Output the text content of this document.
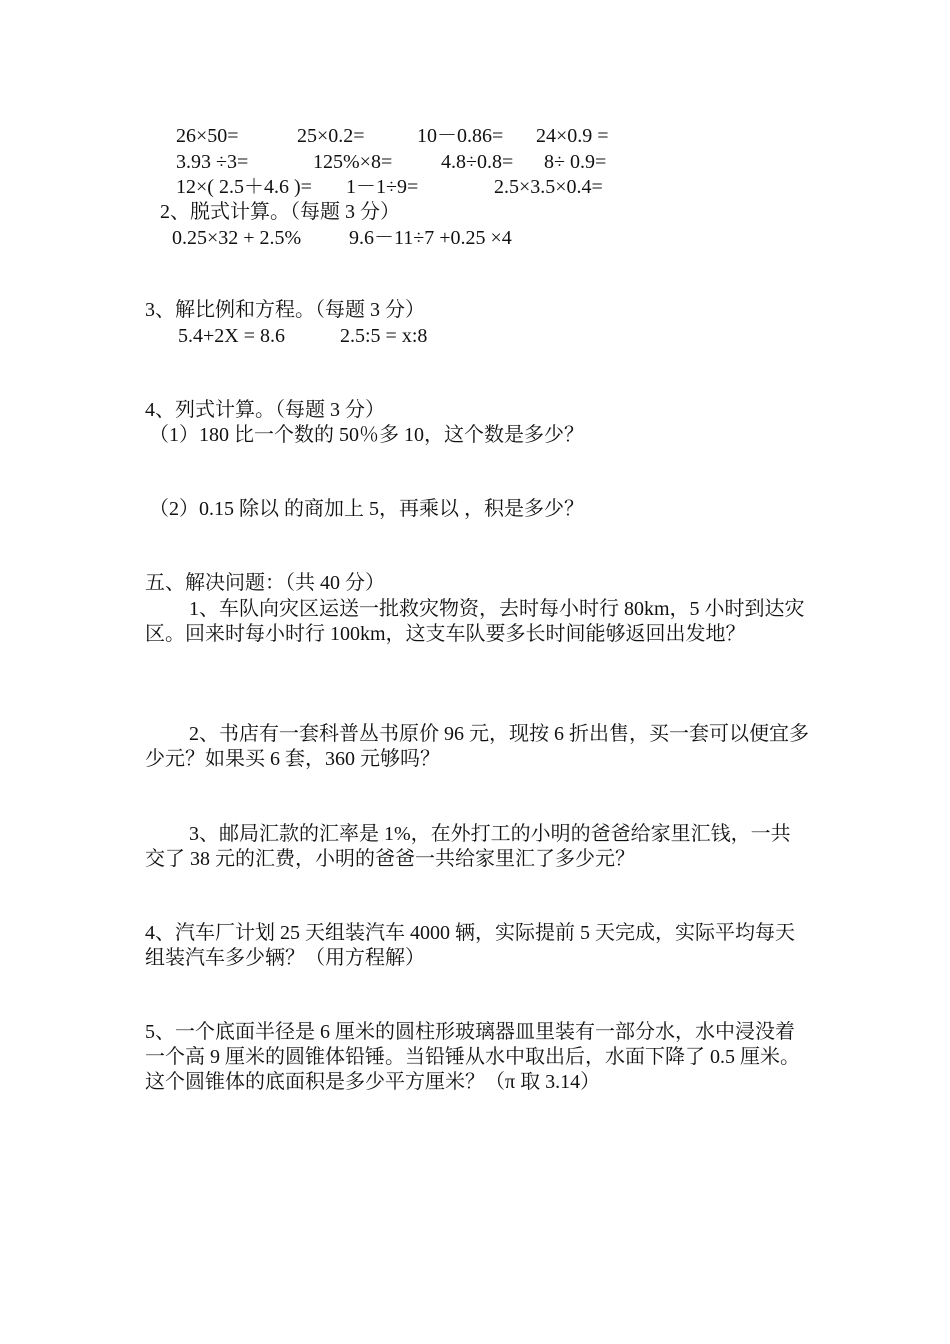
26×50=	25×0.2=	10－0.86= 24×0.9 =
3.93 ÷3=	125%×8= 4.8÷0.8= 8÷ 0.9=
12×( 2.5＋4.6 )= 1－1÷9=	2.5×3.5×0.4=
2、脱式计算。（每题 3 分）
0.25×32 + 2.5% 9.6－11÷7 +0.25 ×4
3、解比例和方程。（每题 3 分）
5.4+2X = 8.6	2.5:5 = x:8
4、列式计算。（每题 3 分）
（1）180 比一个数的 50％多 10，这个数是多少？
（2）0.15 除以 的商加上 5，再乘以 ，积是多少？
五、解决问题：（共 40 分）
1、车队向灾区运送一批救灾物资，去时每小时行 80km，5 小时到达灾区。回来时每小时行 100km，这支车队要多长时间能够返回出发地？
2、书店有一套科普丛书原价 96 元，现按 6 折出售，买一套可以便宜多少元？如果买 6 套，360 元够吗？
3、邮局汇款的汇率是 1%，在外打工的小明的爸爸给家里汇钱，一共交了 38 元的汇费，小明的爸爸一共给家里汇了多少元？
4、汽车厂计划 25 天组装汽车 4000 辆，实际提前 5 天完成，实际平均每天组装汽车多少辆？（用方程解）
5、一个底面半径是 6 厘米的圆柱形玻璃器皿里装有一部分水，水中浸没着一个高 9 厘米的圆锥体铅锤。当铅锤从水中取出后，水面下降了 0.5 厘米。这个圆锥体的底面积是多少平方厘米？（π 取 3.14）
